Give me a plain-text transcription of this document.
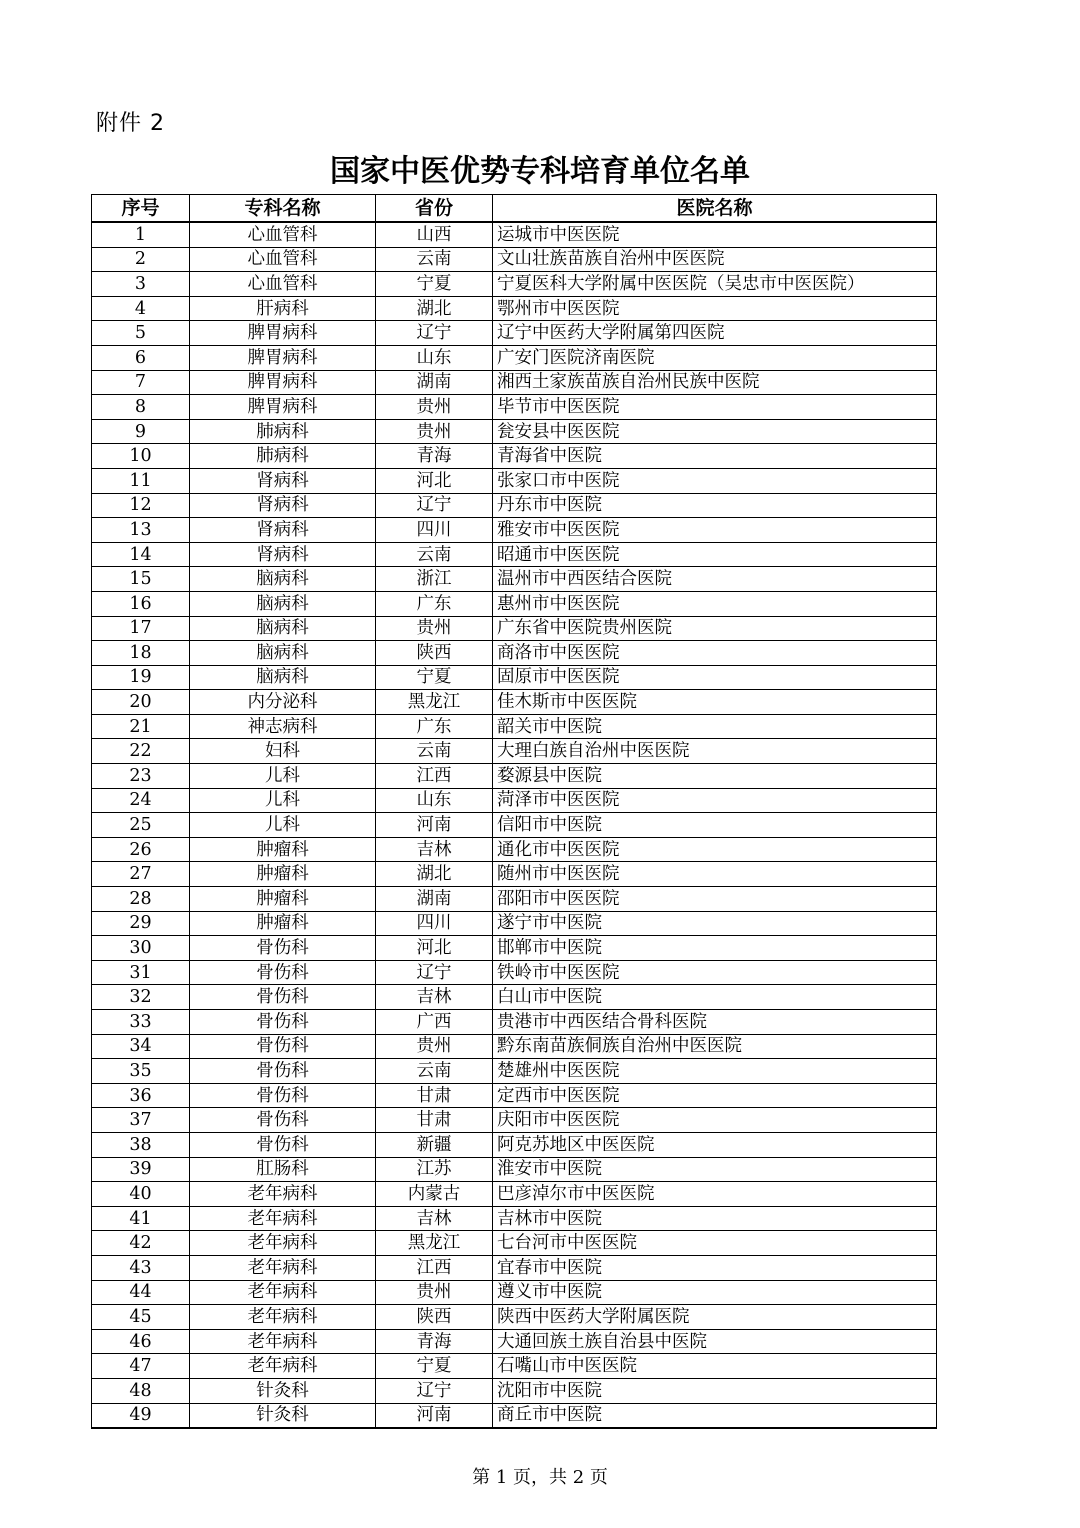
附件 2
国家中医优势专科培育单位名单
序号	专科名称	省份	医院名称
1	心血管科	山西	运城市中医医院
2	心血管科	云南	文山壮族苗族自治州中医医院
3	心血管科	宁夏	宁夏医科大学附属中医医院（吴忠市中医医院）
4	肝病科	湖北	鄂州市中医医院
5	脾胃病科	辽宁	辽宁中医药大学附属第四医院
6	脾胃病科	山东	广安门医院济南医院
7	脾胃病科	湖南	湘西土家族苗族自治州民族中医院
8	脾胃病科	贵州	毕节市中医医院
9	肺病科	贵州	瓮安县中医医院
10	肺病科	青海	青海省中医院
11	肾病科	河北	张家口市中医院
12	肾病科	辽宁	丹东市中医院
13	肾病科	四川	雅安市中医医院
14	肾病科	云南	昭通市中医医院
15	脑病科	浙江	温州市中西医结合医院
16	脑病科	广东	惠州市中医医院
17	脑病科	贵州	广东省中医院贵州医院
18	脑病科	陕西	商洛市中医医院
19	脑病科	宁夏	固原市中医医院
20	内分泌科	黑龙江	佳木斯市中医医院
21	神志病科	广东	韶关市中医院
22	妇科	云南	大理白族自治州中医医院
23	儿科	江西	婺源县中医院
24	儿科	山东	菏泽市中医医院
25	儿科	河南	信阳市中医院
26	肿瘤科	吉林	通化市中医医院
27	肿瘤科	湖北	随州市中医医院
28	肿瘤科	湖南	邵阳市中医医院
29	肿瘤科	四川	遂宁市中医院
30	骨伤科	河北	邯郸市中医院
31	骨伤科	辽宁	铁岭市中医医院
32	骨伤科	吉林	白山市中医院
33	骨伤科	广西	贵港市中西医结合骨科医院
34	骨伤科	贵州	黔东南苗族侗族自治州中医医院
35	骨伤科	云南	楚雄州中医医院
36	骨伤科	甘肃	定西市中医医院
37	骨伤科	甘肃	庆阳市中医医院
38	骨伤科	新疆	阿克苏地区中医医院
39	肛肠科	江苏	淮安市中医院
40	老年病科	内蒙古	巴彦淖尔市中医医院
41	老年病科	吉林	吉林市中医院
42	老年病科	黑龙江	七台河市中医医院
43	老年病科	江西	宜春市中医院
44	老年病科	贵州	遵义市中医院
45	老年病科	陕西	陕西中医药大学附属医院
46	老年病科	青海	大通回族土族自治县中医院
47	老年病科	宁夏	石嘴山市中医医院
48	针灸科	辽宁	沈阳市中医院
49	针灸科	河南	商丘市中医院
第 1 页，共 2 页
